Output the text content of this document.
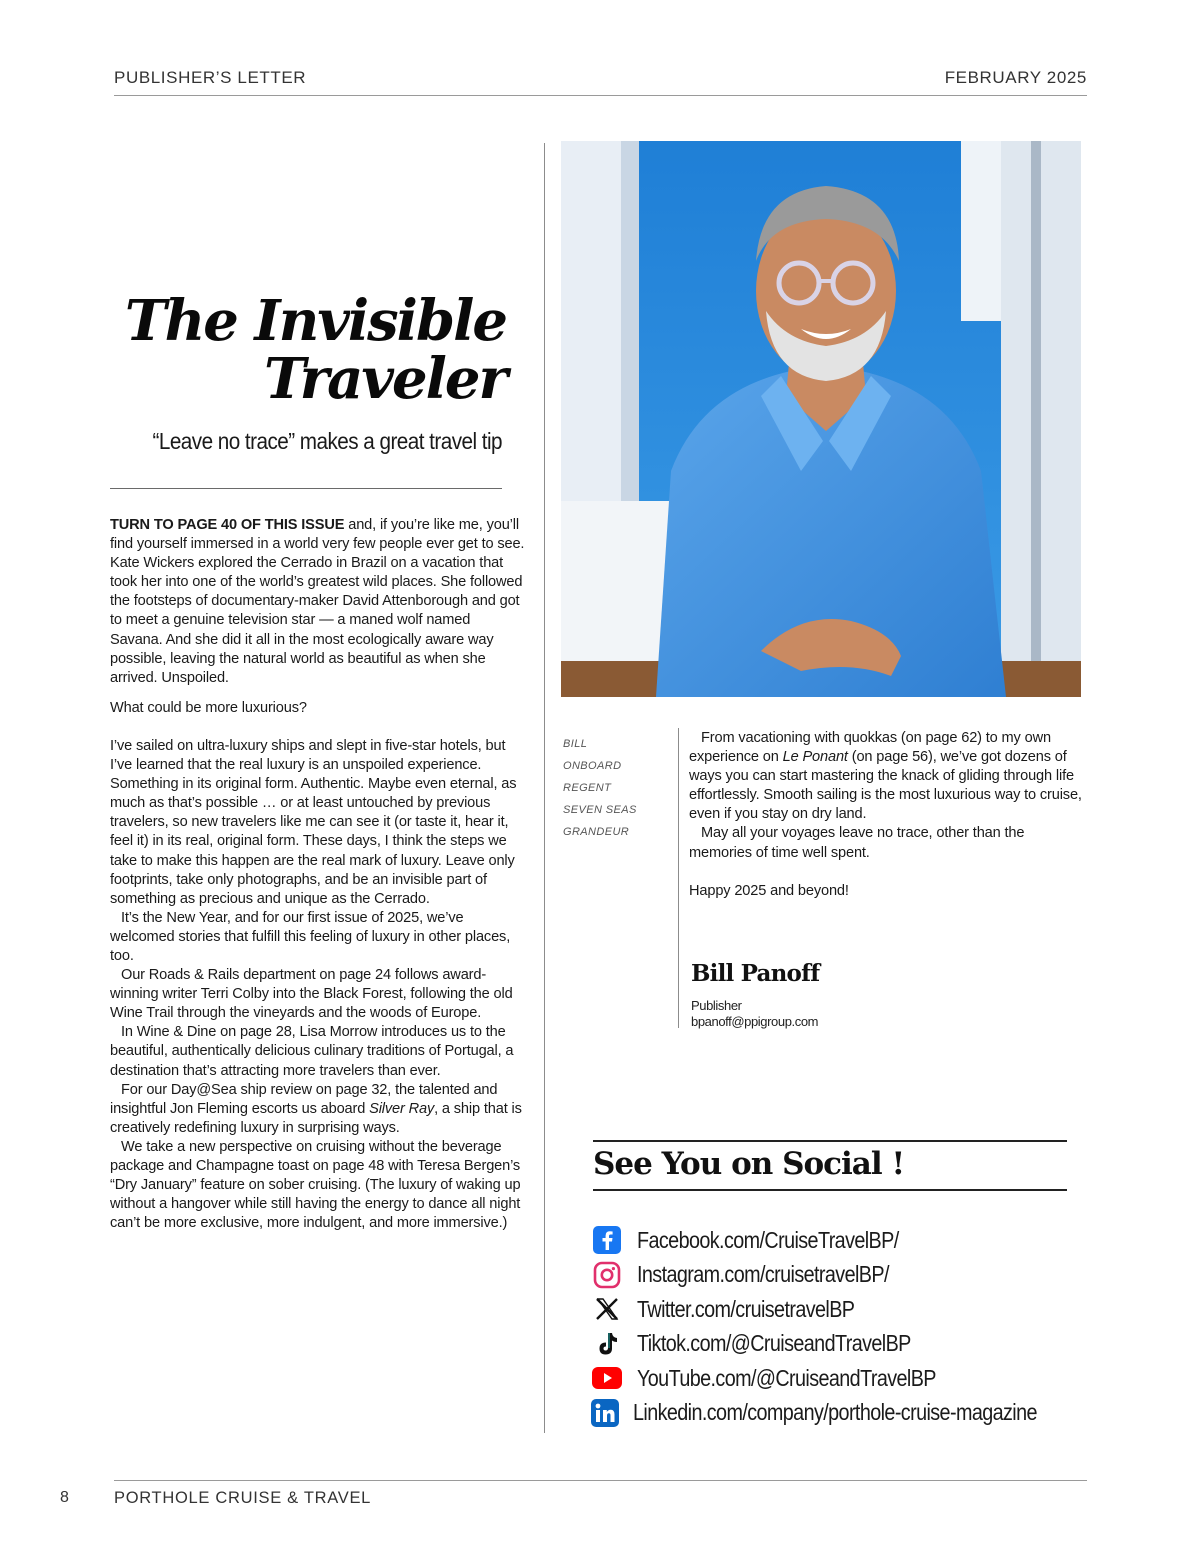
PUBLISHER’S LETTER	FEBRUARY 2025
The Invisible
Traveler
“Leave no trace” makes a great travel tip

TURN TO PAGE 40 OF THIS ISSUE and, if you’re like me, you’ll find yourself immersed in a world very few people ever get to see. Kate Wickers explored the Cerrado in Brazil on a vacation that took her into one of the world’s greatest wild places. She followed the footsteps of documentary-maker David Attenborough and got to meet a genuine television star — a maned wolf named Savana. And she did it all in the most ecologically aware way possible, leaving the natural world as beautiful as when she arrived. Unspoiled.

What could be more luxurious?

I’ve sailed on ultra-luxury ships and slept in five-star hotels, but I’ve learned that the real luxury is an unspoiled experience. Something in its original form. Authentic. Maybe even eternal, as much as that’s possible … or at least untouched by previous travelers, so new travelers like me can see it (or taste it, hear it, feel it) in its real, original form. These days, I think the steps we take to make this happen are the real mark of luxury. Leave only footprints, take only photographs, and be an invisible part of something as precious and unique as the Cerrado.

It’s the New Year, and for our first issue of 2025, we’ve welcomed stories that fulfill this feeling of luxury in other places, too.

Our Roads & Rails department on page 24 follows award-winning writer Terri Colby into the Black Forest, following the old Wine Trail through the vineyards and the woods of Europe.

In Wine & Dine on page 28, Lisa Morrow introduces us to the beautiful, authentically delicious culinary traditions of Portugal, a destination that’s attracting more travelers than ever.

For our Day@Sea ship review on page 32, the talented and insightful Jon Fleming escorts us aboard Silver Ray, a ship that is creatively redefining luxury in surprising ways.

We take a new perspective on cruising without the beverage package and Champagne toast on page 48 with Teresa Bergen’s “Dry January” feature on sober cruising. (The luxury of waking up without a hangover while still having the energy to dance all night can’t be more exclusive, more indulgent, and more immersive.)

BILL
ONBOARD
REGENT
SEVEN SEAS
GRANDEUR

From vacationing with quokkas (on page 62) to my own experience on Le Ponant (on page 56), we’ve got dozens of ways you can start mastering the knack of gliding through life effortlessly. Smooth sailing is the most luxurious way to cruise, even if you stay on dry land.

May all your voyages leave no trace, other than the memories of time well spent.

Happy 2025 and beyond!

Bill Panoff
Publisher
bpanoff@ppigroup.com
See You on Social !
Facebook.com/CruiseTravelBP/
Instagram.com/cruisetravelBP/
Twitter.com/cruisetravelBP
Tiktok.com/@CruiseandTravelBP
YouTube.com/@CruiseandTravelBP
Linkedin.com/company/porthole-cruise-magazine
8	PORTHOLE CRUISE & TRAVEL
